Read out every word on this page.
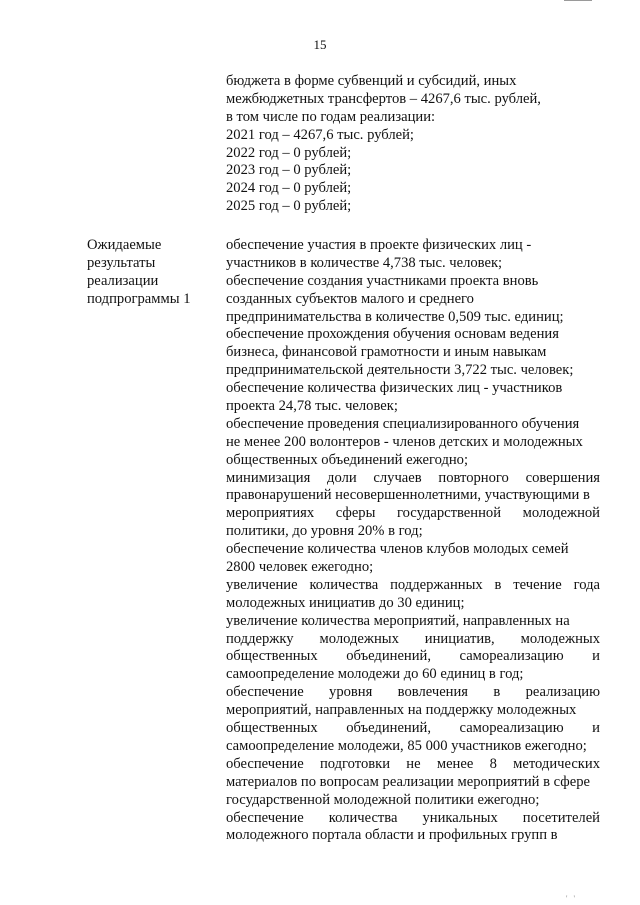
15
бюджета в форме субвенций и субсидий, иных
межбюджетных трансфертов – 4267,6 тыс. рублей,
в том числе по годам реализации:
2021 год – 4267,6 тыс. рублей;
2022 год – 0 рублей;
2023 год – 0 рублей;
2024 год – 0 рублей;
2025 год – 0 рублей;
Ожидаемые
результаты
реализации
подпрограммы 1
обеспечение участия в проекте физических лиц -
участников в количестве 4,738 тыс. человек;
обеспечение создания участниками проекта вновь
созданных субъектов малого и среднего
предпринимательства в количестве 0,509 тыс. единиц;
обеспечение прохождения обучения основам ведения
бизнеса, финансовой грамотности и иным навыкам
предпринимательской деятельности 3,722 тыс. человек;
обеспечение количества физических лиц - участников
проекта 24,78 тыс. человек;
обеспечение проведения специализированного обучения
не менее 200 волонтеров - членов детских и молодежных
общественных объединений ежегодно;
минимизация доли случаев повторного совершения
правонарушений несовершеннолетними, участвующими в
мероприятиях сферы государственной молодежной
политики, до уровня 20% в год;
обеспечение количества членов клубов молодых семей
2800 человек ежегодно;
увеличение количества поддержанных в течение года
молодежных инициатив до 30 единиц;
увеличение количества мероприятий, направленных на
поддержку молодежных инициатив, молодежных
общественных объединений, самореализацию и
самоопределение молодежи до 60 единиц в год;
обеспечение уровня вовлечения в реализацию
мероприятий, направленных на поддержку молодежных
общественных объединений, самореализацию и
самоопределение молодежи, 85 000 участников ежегодно;
обеспечение подготовки не менее 8 методических
материалов по вопросам реализации мероприятий в сфере
государственной молодежной политики ежегодно;
обеспечение количества уникальных посетителей
молодежного портала области и профильных групп в
' '
